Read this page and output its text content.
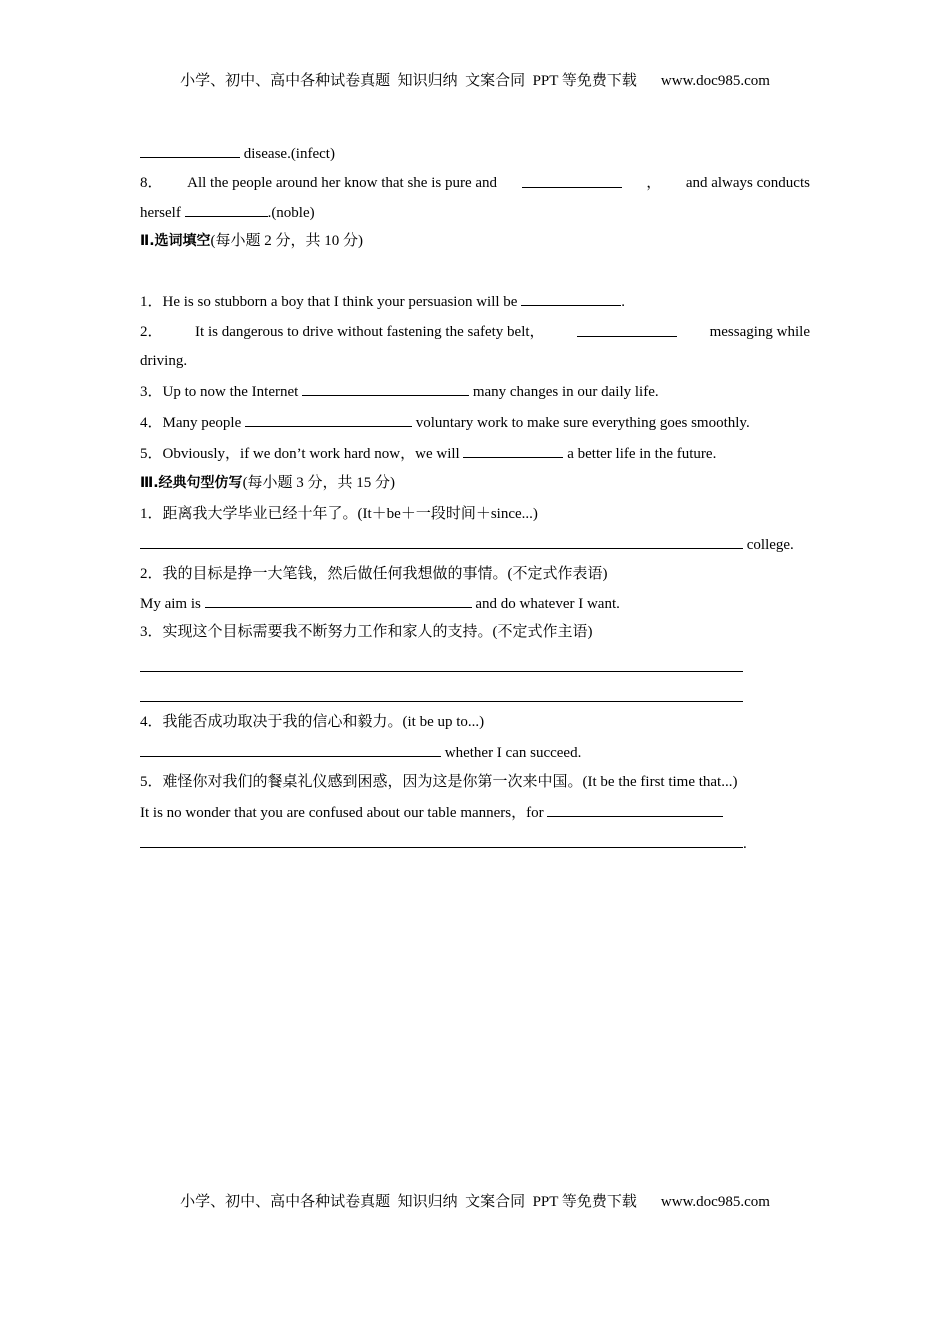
小学、初中、高中各种试卷真题  知识归纳  文案合同  PPT 等免费下载 www.doc985.com
disease.(infect)
8． All the people around her know that she is pure and	， and always conducts
herself	.(noble)
Ⅱ.选词填空(每小题 2 分，共 10 分)
1．He is so stubborn a boy that I think your persuasion will be	.
2． It is dangerous to drive without fastening the safety belt，	messaging while
driving.
3．Up to now the Internet	many changes in our daily life.
4．Many people	voluntary work to make sure everything goes smoothly.
5．Obviously，if we don’t work hard now，we will	a better life in the future.
Ⅲ.经典句型仿写(每小题 3 分，共 15 分)
1．距离我大学毕业已经十年了。(It＋be＋一段时间＋since...)
college.
2．我的目标是挣一大笔钱，然后做任何我想做的事情。(不定式作表语)
My aim is	and do whatever I want.
3．实现这个目标需要我不断努力工作和家人的支持。(不定式作主语)
4．我能否成功取决于我的信心和毅力。(it be up to...)
whether I can succeed.
5．难怪你对我们的餐桌礼仪感到困惑，因为这是你第一次来中国。(It be the first time that...)
It is no wonder that you are confused about our table manners，for
.
小学、初中、高中各种试卷真题  知识归纳  文案合同  PPT 等免费下载 www.doc985.com
